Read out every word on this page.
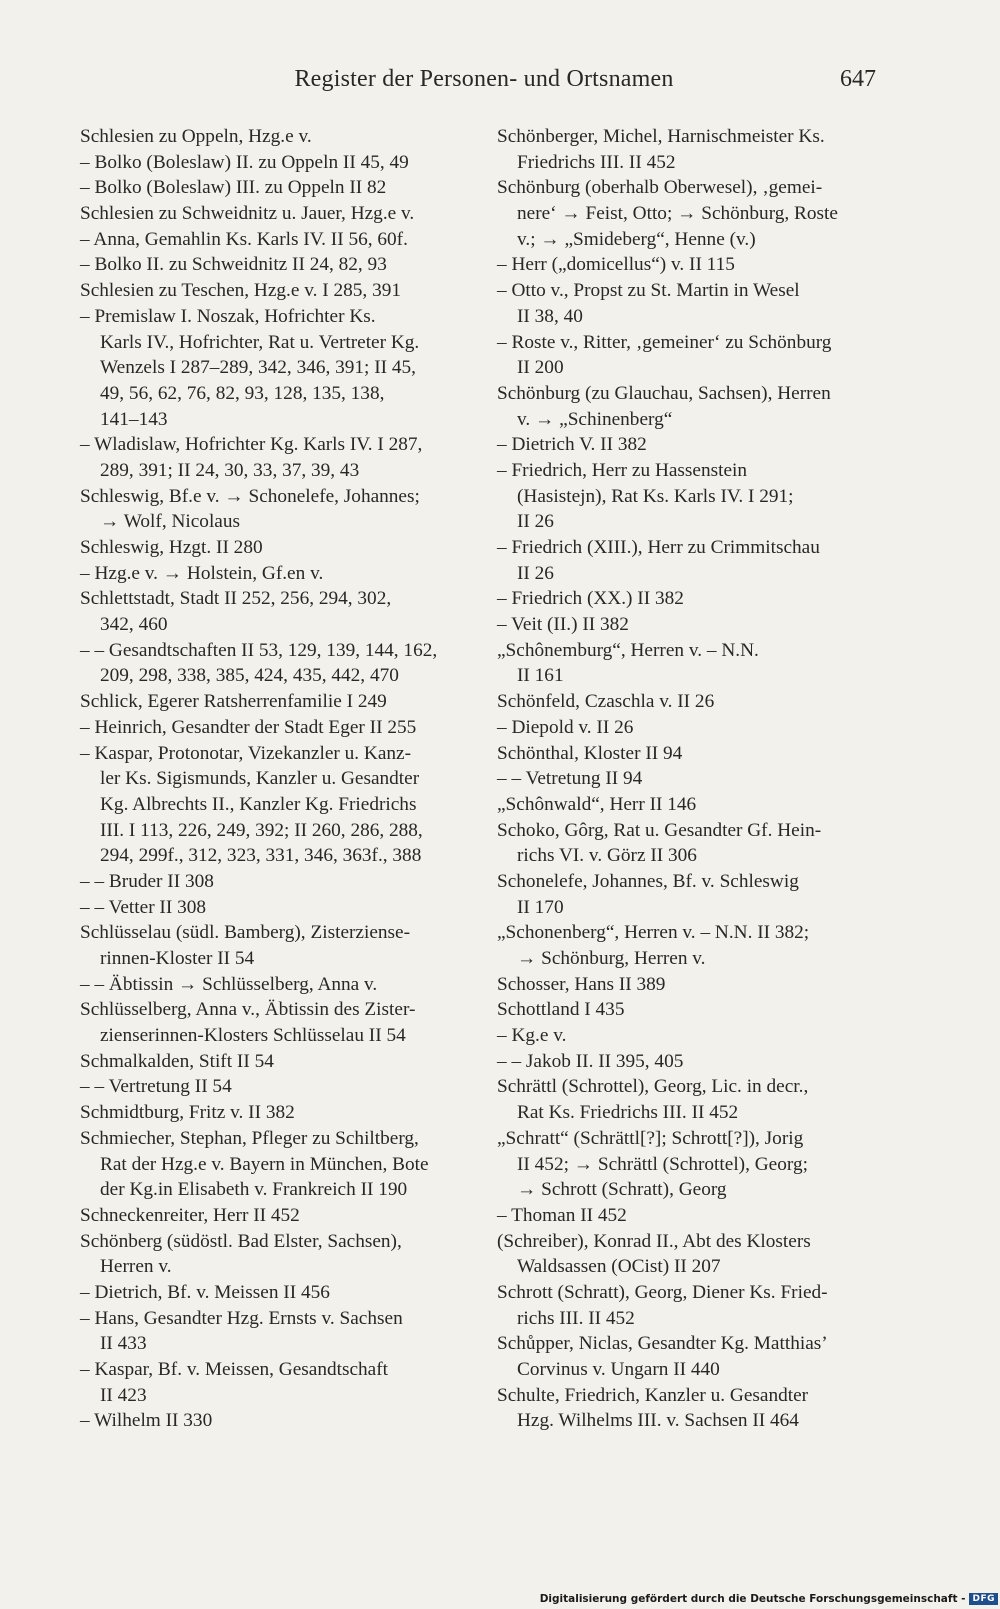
Register der Personen- und Ortsnamen	647
Schlesien zu Oppeln, Hzg.e v.
– Bolko (Boleslaw) II. zu Oppeln II 45, 49
– Bolko (Boleslaw) III. zu Oppeln II 82
Schlesien zu Schweidnitz u. Jauer, Hzg.e v.
– Anna, Gemahlin Ks. Karls IV. II 56, 60f.
– Bolko II. zu Schweidnitz II 24, 82, 93
Schlesien zu Teschen, Hzg.e v. I 285, 391
– Premislaw I. Noszak, Hofrichter Ks.
Karls IV., Hofrichter, Rat u. Vertreter Kg.
Wenzels I 287–289, 342, 346, 391; II 45,
49, 56, 62, 76, 82, 93, 128, 135, 138,
141–143
– Wladislaw, Hofrichter Kg. Karls IV. I 287,
289, 391; II 24, 30, 33, 37, 39, 43
Schleswig, Bf.e v. → Schonelefe, Johannes;
→ Wolf, Nicolaus
Schleswig, Hzgt. II 280
– Hzg.e v. → Holstein, Gf.en v.
Schlettstadt, Stadt II 252, 256, 294, 302,
342, 460
– – Gesandtschaften II 53, 129, 139, 144, 162,
209, 298, 338, 385, 424, 435, 442, 470
Schlick, Egerer Ratsherrenfamilie I 249
– Heinrich, Gesandter der Stadt Eger II 255
– Kaspar, Protonotar, Vizekanzler u. Kanz-
ler Ks. Sigismunds, Kanzler u. Gesandter
Kg. Albrechts II., Kanzler Kg. Friedrichs
III. I 113, 226, 249, 392; II 260, 286, 288,
294, 299f., 312, 323, 331, 346, 363f., 388
– – Bruder II 308
– – Vetter II 308
Schlüsselau (südl. Bamberg), Zisterziense-
rinnen-Kloster II 54
– – Äbtissin → Schlüsselberg, Anna v.
Schlüsselberg, Anna v., Äbtissin des Zister-
zienserinnen-Klosters Schlüsselau II 54
Schmalkalden, Stift II 54
– – Vertretung II 54
Schmidtburg, Fritz v. II 382
Schmiecher, Stephan, Pfleger zu Schiltberg,
Rat der Hzg.e v. Bayern in München, Bote
der Kg.in Elisabeth v. Frankreich II 190
Schneckenreiter, Herr II 452
Schönberg (südöstl. Bad Elster, Sachsen),
Herren v.
– Dietrich, Bf. v. Meissen II 456
– Hans, Gesandter Hzg. Ernsts v. Sachsen
II 433
– Kaspar, Bf. v. Meissen, Gesandtschaft
II 423
– Wilhelm II 330
Schönberger, Michel, Harnischmeister Ks.
Friedrichs III. II 452
Schönburg (oberhalb Oberwesel), ‚gemei-
nere‘ → Feist, Otto; → Schönburg, Roste
v.; → „Smideberg“, Henne (v.)
– Herr („domicellus“) v. II 115
– Otto v., Propst zu St. Martin in Wesel
II 38, 40
– Roste v., Ritter, ‚gemeiner‘ zu Schönburg
II 200
Schönburg (zu Glauchau, Sachsen), Herren
v. → „Schinenberg“
– Dietrich V. II 382
– Friedrich, Herr zu Hassenstein
(Hasistejn), Rat Ks. Karls IV. I 291;
II 26
– Friedrich (XIII.), Herr zu Crimmitschau
II 26
– Friedrich (XX.) II 382
– Veit (II.) II 382
„Schônemburg“, Herren v. – N.N.
II 161
Schönfeld, Czaschla v. II 26
– Diepold v. II 26
Schönthal, Kloster II 94
– – Vetretung II 94
„Schônwald“, Herr II 146
Schoko, Gôrg, Rat u. Gesandter Gf. Hein-
richs VI. v. Görz II 306
Schonelefe, Johannes, Bf. v. Schleswig
II 170
„Schonenberg“, Herren v. – N.N. II 382;
→ Schönburg, Herren v.
Schosser, Hans II 389
Schottland I 435
– Kg.e v.
– – Jakob II. II 395, 405
Schrättl (Schrottel), Georg, Lic. in decr.,
Rat Ks. Friedrichs III. II 452
„Schratt“ (Schrättl[?]; Schrott[?]), Jorig
II 452; → Schrättl (Schrottel), Georg;
→ Schrott (Schratt), Georg
– Thoman II 452
(Schreiber), Konrad II., Abt des Klosters
Waldsassen (OCist) II 207
Schrott (Schratt), Georg, Diener Ks. Fried-
richs III. II 452
Schůpper, Niclas, Gesandter Kg. Matthias’
Corvinus v. Ungarn II 440
Schulte, Friedrich, Kanzler u. Gesandter
Hzg. Wilhelms III. v. Sachsen II 464
Digitalisierung gefördert durch die Deutsche Forschungsgemeinschaft - DFG
